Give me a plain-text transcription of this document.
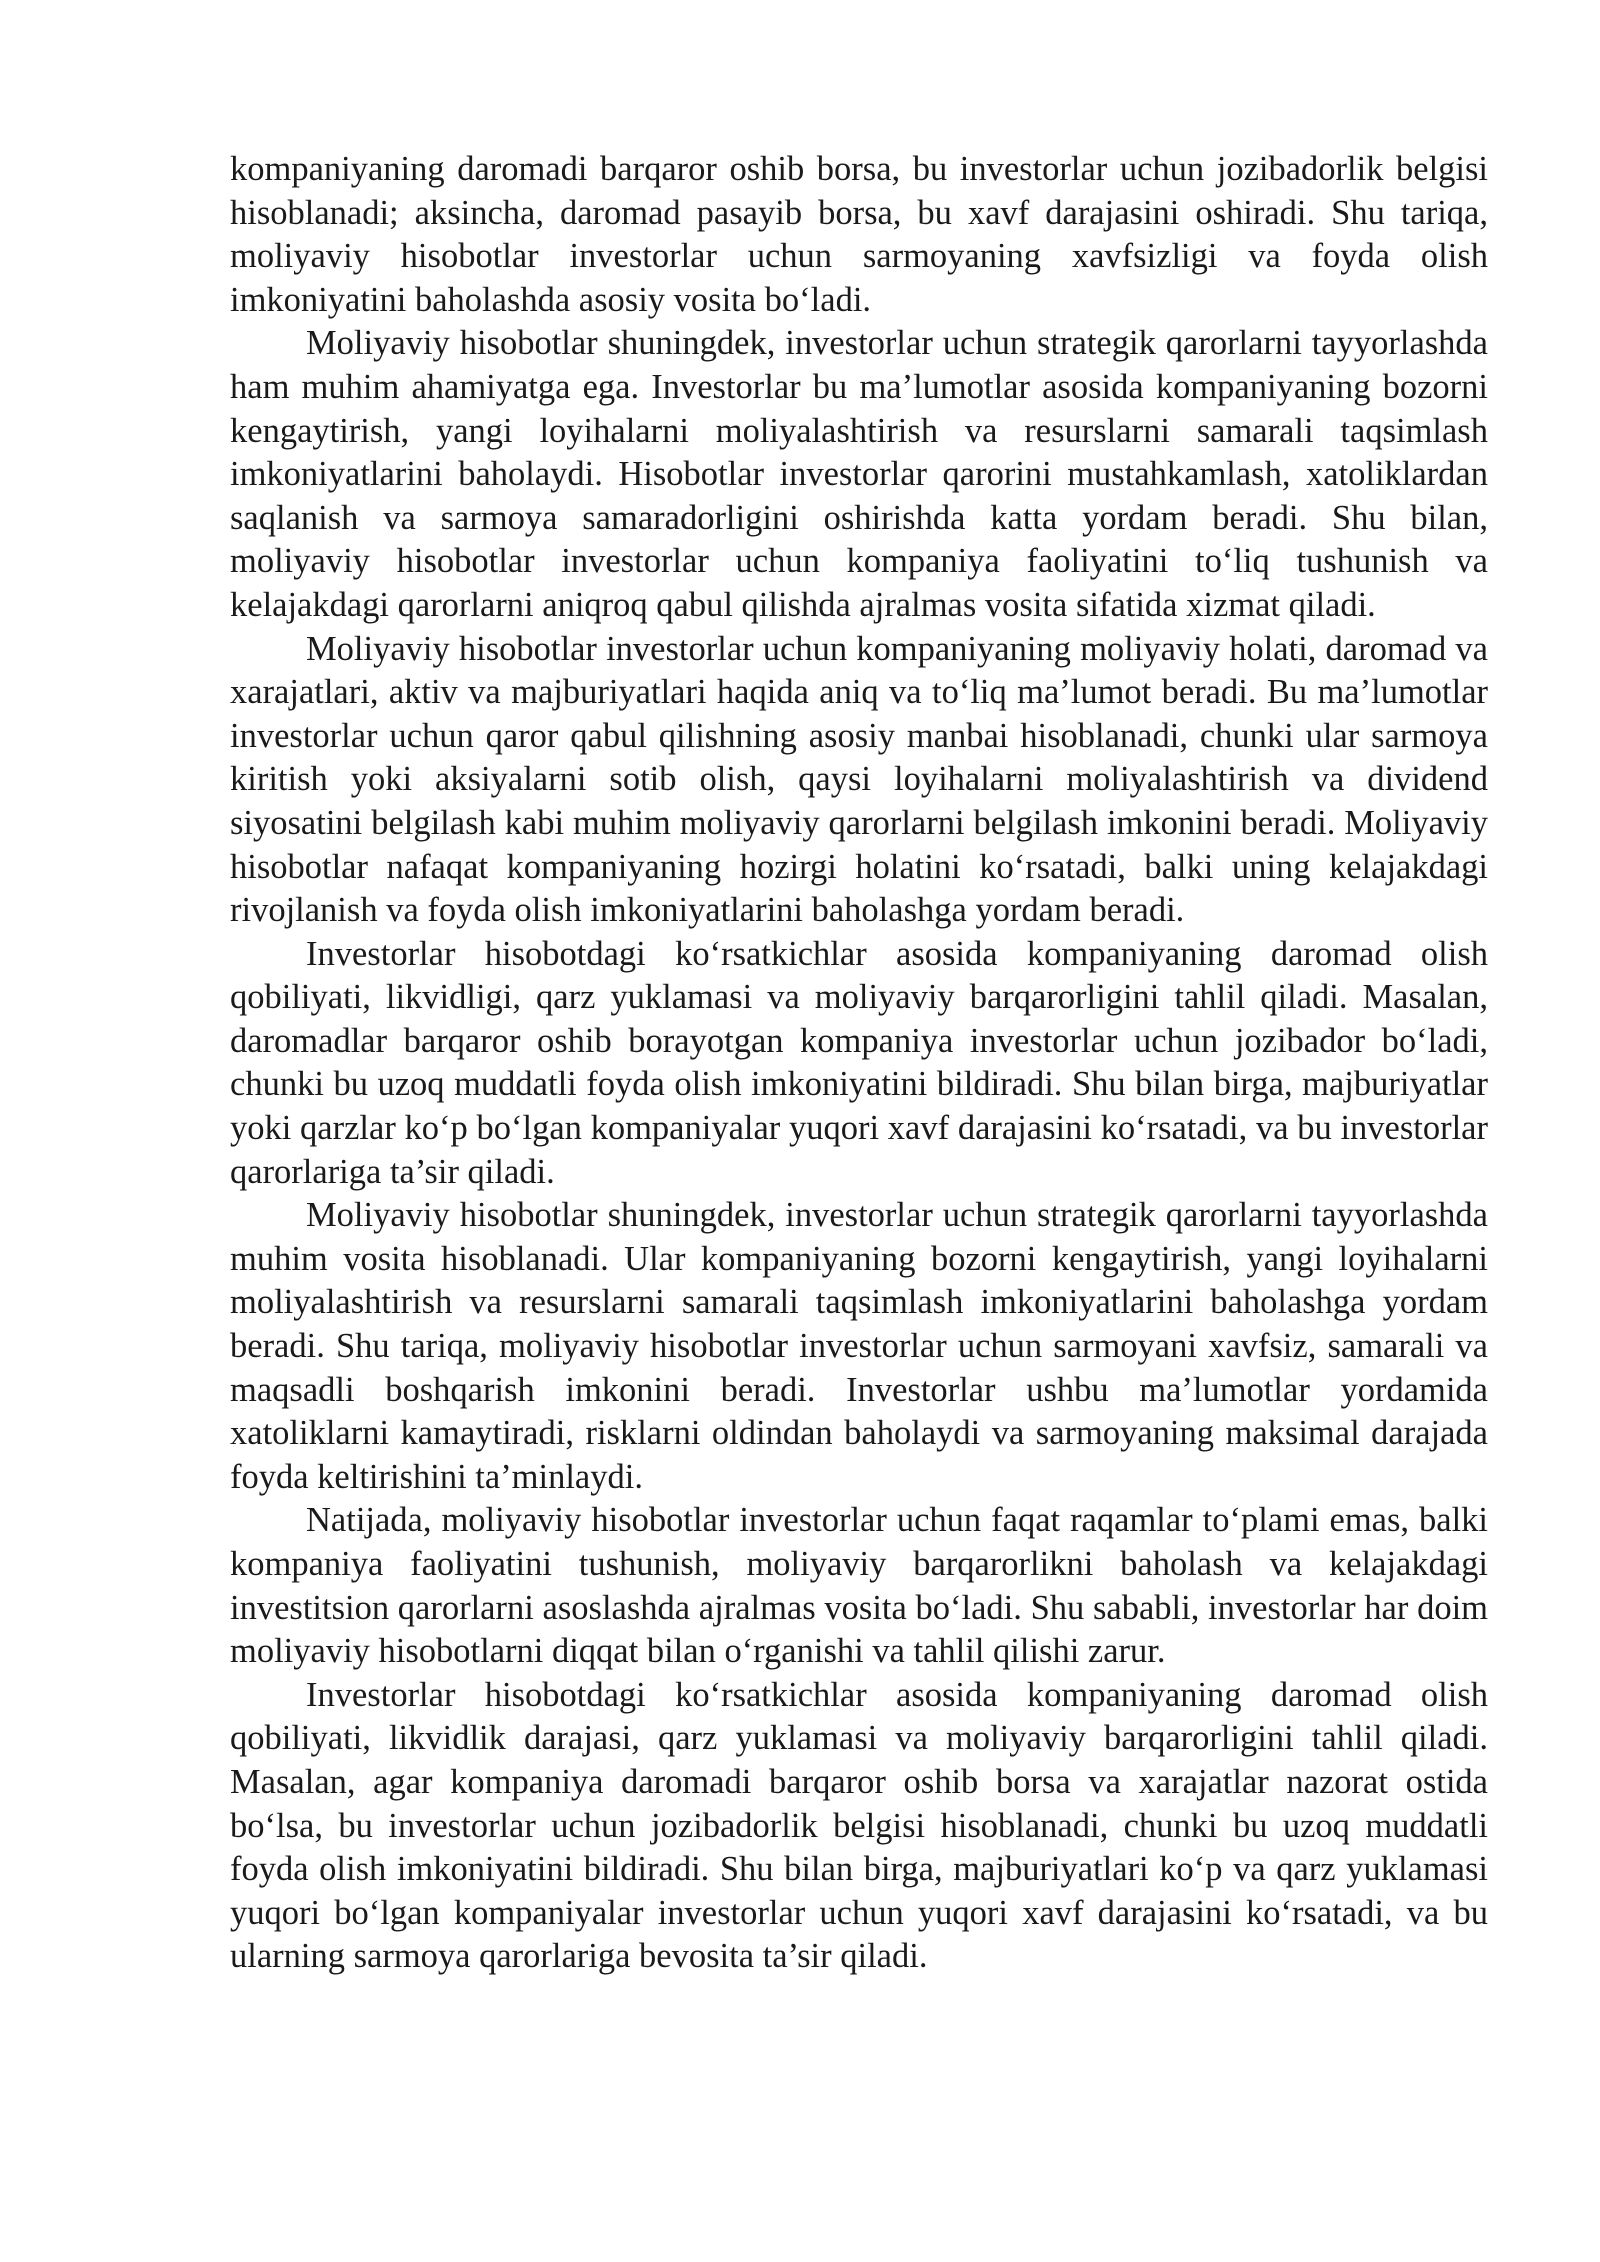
kompaniyaning daromadi barqaror oshib borsa, bu investorlar uchun jozibadorlik belgisi hisoblanadi; aksincha, daromad pasayib borsa, bu xavf darajasini oshiradi. Shu tariqa, moliyaviy hisobotlar investorlar uchun sarmoyaning xavfsizligi va foyda olish imkoniyatini baholashda asosiy vosita bo‘ladi.

Moliyaviy hisobotlar shuningdek, investorlar uchun strategik qarorlarni tayyorlashda ham muhim ahamiyatga ega. Investorlar bu ma’lumotlar asosida kompaniyaning bozorni kengaytirish, yangi loyihalarni moliyalashtirish va resurslarni samarali taqsimlash imkoniyatlarini baholaydi. Hisobotlar investorlar qarorini mustahkamlash, xatoliklardan saqlanish va sarmoya samaradorligini oshirishda katta yordam beradi. Shu bilan, moliyaviy hisobotlar investorlar uchun kompaniya faoliyatini to‘liq tushunish va kelajakdagi qarorlarni aniqroq qabul qilishda ajralmas vosita sifatida xizmat qiladi.

Moliyaviy hisobotlar investorlar uchun kompaniyaning moliyaviy holati, daromad va xarajatlari, aktiv va majburiyatlari haqida aniq va to‘liq ma’lumot beradi. Bu ma’lumotlar investorlar uchun qaror qabul qilishning asosiy manbai hisoblanadi, chunki ular sarmoya kiritish yoki aksiyalarni sotib olish, qaysi loyihalarni moliyalashtirish va dividend siyosatini belgilash kabi muhim moliyaviy qarorlarni belgilash imkonini beradi. Moliyaviy hisobotlar nafaqat kompaniyaning hozirgi holatini ko‘rsatadi, balki uning kelajakdagi rivojlanish va foyda olish imkoniyatlarini baholashga yordam beradi.

Investorlar hisobotdagi ko‘rsatkichlar asosida kompaniyaning daromad olish qobiliyati, likvidligi, qarz yuklamasi va moliyaviy barqarorligini tahlil qiladi. Masalan, daromadlar barqaror oshib borayotgan kompaniya investorlar uchun jozibador bo‘ladi, chunki bu uzoq muddatli foyda olish imkoniyatini bildiradi. Shu bilan birga, majburiyatlar yoki qarzlar ko‘p bo‘lgan kompaniyalar yuqori xavf darajasini ko‘rsatadi, va bu investorlar qarorlariga ta’sir qiladi.

Moliyaviy hisobotlar shuningdek, investorlar uchun strategik qarorlarni tayyorlashda muhim vosita hisoblanadi. Ular kompaniyaning bozorni kengaytirish, yangi loyihalarni moliyalashtirish va resurslarni samarali taqsimlash imkoniyatlarini baholashga yordam beradi. Shu tariqa, moliyaviy hisobotlar investorlar uchun sarmoyani xavfsiz, samarali va maqsadli boshqarish imkonini beradi. Investorlar ushbu ma’lumotlar yordamida xatoliklarni kamaytiradi, risklarni oldindan baholaydi va sarmoyaning maksimal darajada foyda keltirishini ta’minlaydi.

Natijada, moliyaviy hisobotlar investorlar uchun faqat raqamlar to‘plami emas, balki kompaniya faoliyatini tushunish, moliyaviy barqarorlikni baholash va kelajakdagi investitsion qarorlarni asoslashda ajralmas vosita bo‘ladi. Shu sababli, investorlar har doim moliyaviy hisobotlarni diqqat bilan o‘rganishi va tahlil qilishi zarur.

Investorlar hisobotdagi ko‘rsatkichlar asosida kompaniyaning daromad olish qobiliyati, likvidlik darajasi, qarz yuklamasi va moliyaviy barqarorligini tahlil qiladi. Masalan, agar kompaniya daromadi barqaror oshib borsa va xarajatlar nazorat ostida bo‘lsa, bu investorlar uchun jozibadorlik belgisi hisoblanadi, chunki bu uzoq muddatli foyda olish imkoniyatini bildiradi. Shu bilan birga, majburiyatlari ko‘p va qarz yuklamasi yuqori bo‘lgan kompaniyalar investorlar uchun yuqori xavf darajasini ko‘rsatadi, va bu ularning sarmoya qarorlariga bevosita ta’sir qiladi.
